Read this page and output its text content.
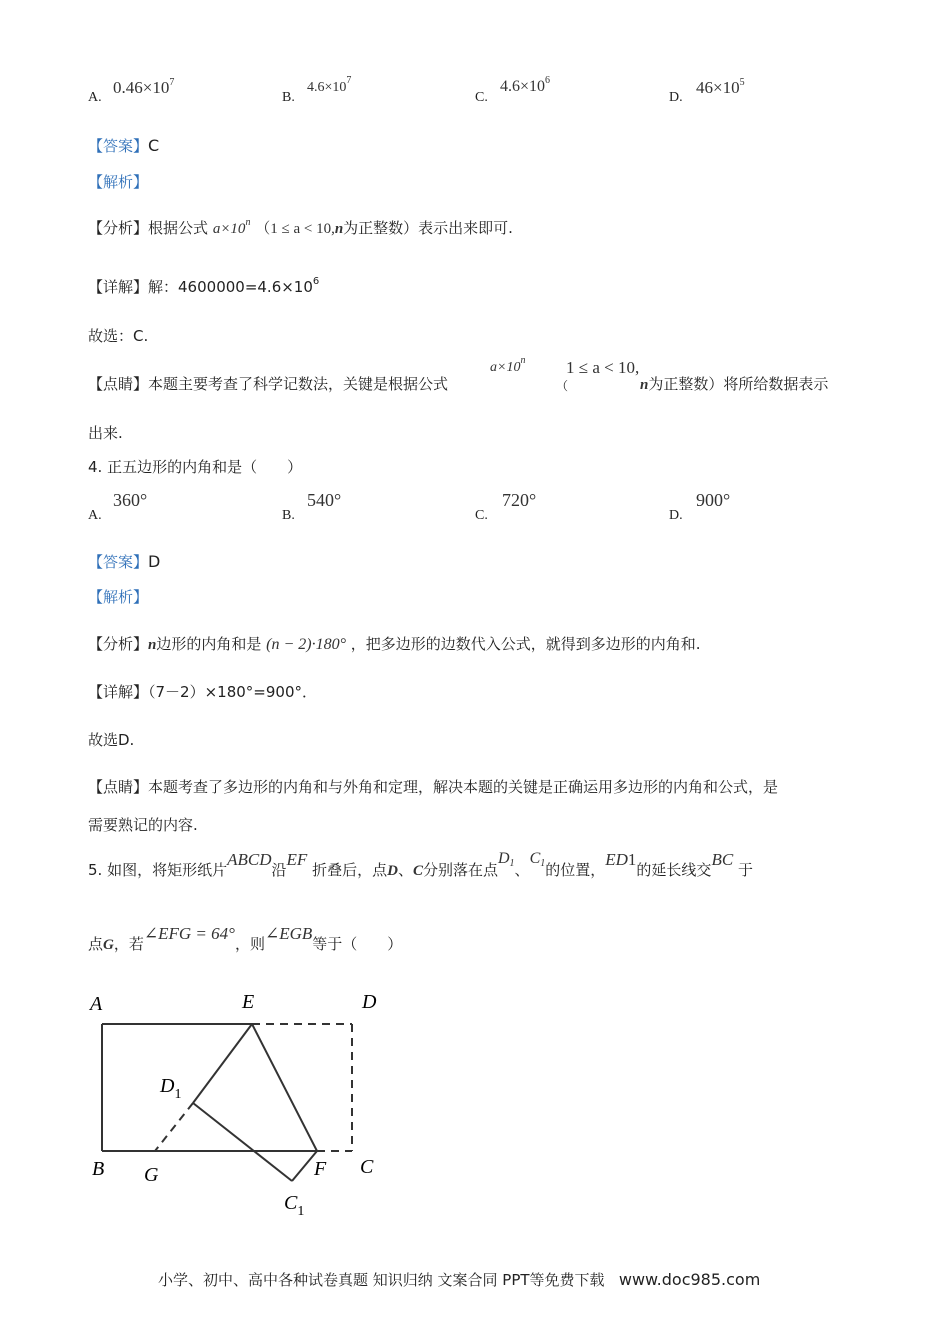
A.
$0.46\times 10^7$
B.
$4.6\times 10^7$
C.
$4.6\times 10^6$
D.
$46\times 10^5$
【答案】C
【解析】
【分析】根据公式 $a\times 10^n$ （1 ≤ a < 10,n为正整数）表示出来即可.
【详解】解：$4600000=4.6\times 10^6$
故选：C.
【点睛】本题主要考查了科学记数法，关键是根据公式
$a\times 10^n$
（
1 ≤ a < 10,
n为正整数）将所给数据表示
出来.
4. 正五边形的内角和是（　　）
A.
360°
B.
540°
C.
720°
D.
900°
【答案】D
【解析】
【分析】n边形的内角和是 (n − 2)·180° ，把多边形的边数代入公式，就得到多边形的内角和.
【详解】（7－2）×180°=900°．
故选D.
【点睛】本题考查了多边形的内角和与外角和定理，解决本题的关键是正确运用多边形的内角和公式，是
需要熟记的内容.
5. 如图，将矩形纸片ABCD沿EF 折叠后，点D、C分别落在点$D_1$、$C_1$的位置，ED1的延长线交BC 于
点G，若∠EFG = 64°，则∠EGB等于（　　）
A	E	D
$D_1$
B G	F C
$C_1$
小学、初中、高中各种试卷真题 知识归纳 文案合同 PPT等免费下载 www.doc985.com
